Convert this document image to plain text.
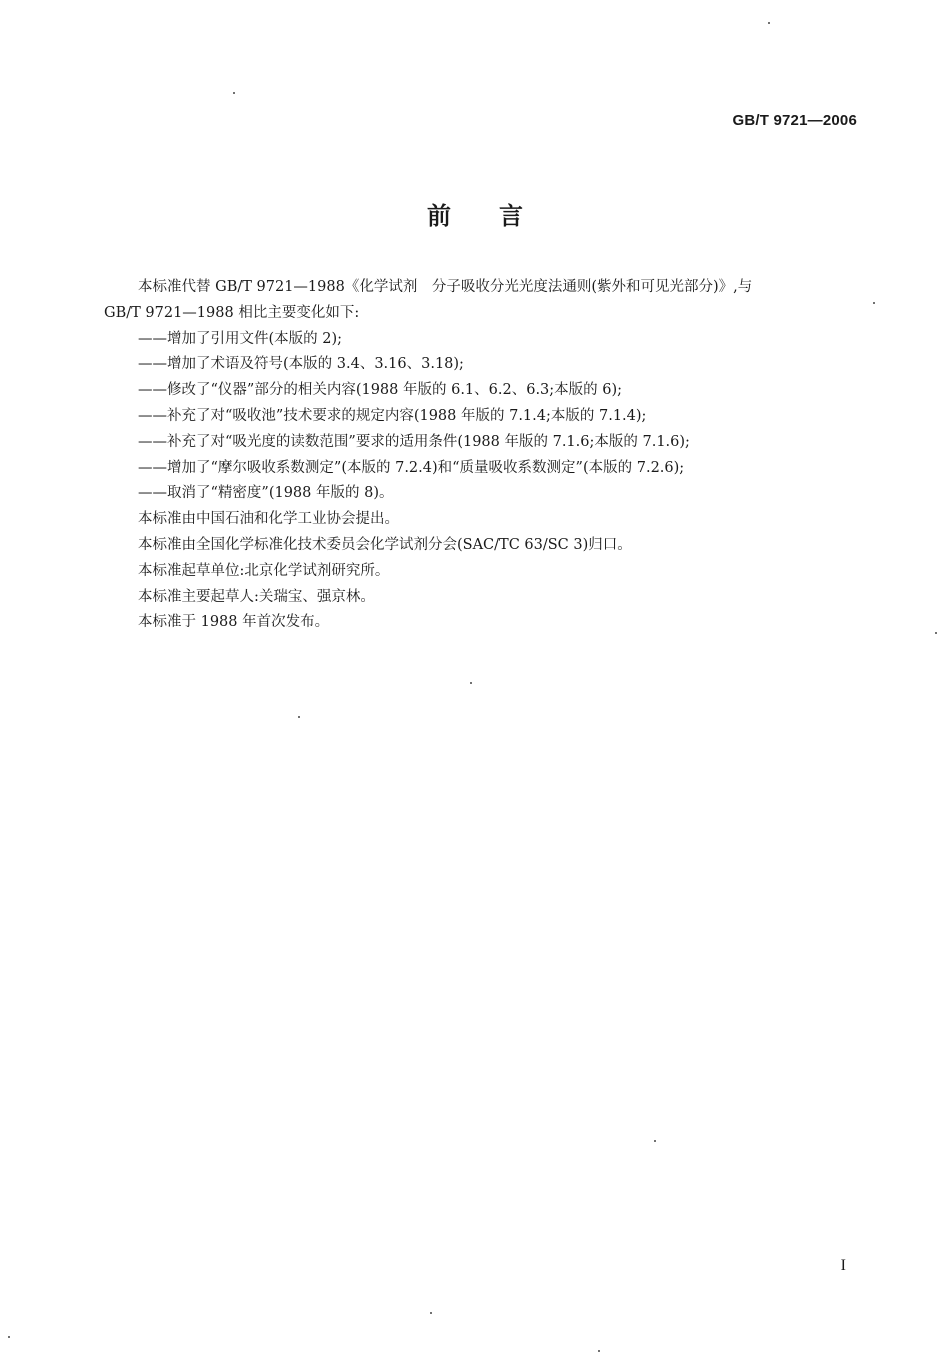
GB/T 9721—2006
前言

本标准代替 GB/T 9721—1988《化学试剂　分子吸收分光光度法通则(紫外和可见光部分)》,与

GB/T 9721—1988 相比主要变化如下:

——增加了引用文件(本版的 2);

——增加了术语及符号(本版的 3.4、3.16、3.18);

——修改了“仪器”部分的相关内容(1988 年版的 6.1、6.2、6.3;本版的 6);

——补充了对“吸收池”技术要求的规定内容(1988 年版的 7.1.4;本版的 7.1.4);

——补充了对“吸光度的读数范围”要求的适用条件(1988 年版的 7.1.6;本版的 7.1.6);

——增加了“摩尔吸收系数测定”(本版的 7.2.4)和“质量吸收系数测定”(本版的 7.2.6);

——取消了“精密度”(1988 年版的 8)。

本标准由中国石油和化学工业协会提出。

本标准由全国化学标准化技术委员会化学试剂分会(SAC/TC 63/SC 3)归口。

本标准起草单位:北京化学试剂研究所。

本标准主要起草人:关瑞宝、强京林。

本标准于 1988 年首次发布。

I
